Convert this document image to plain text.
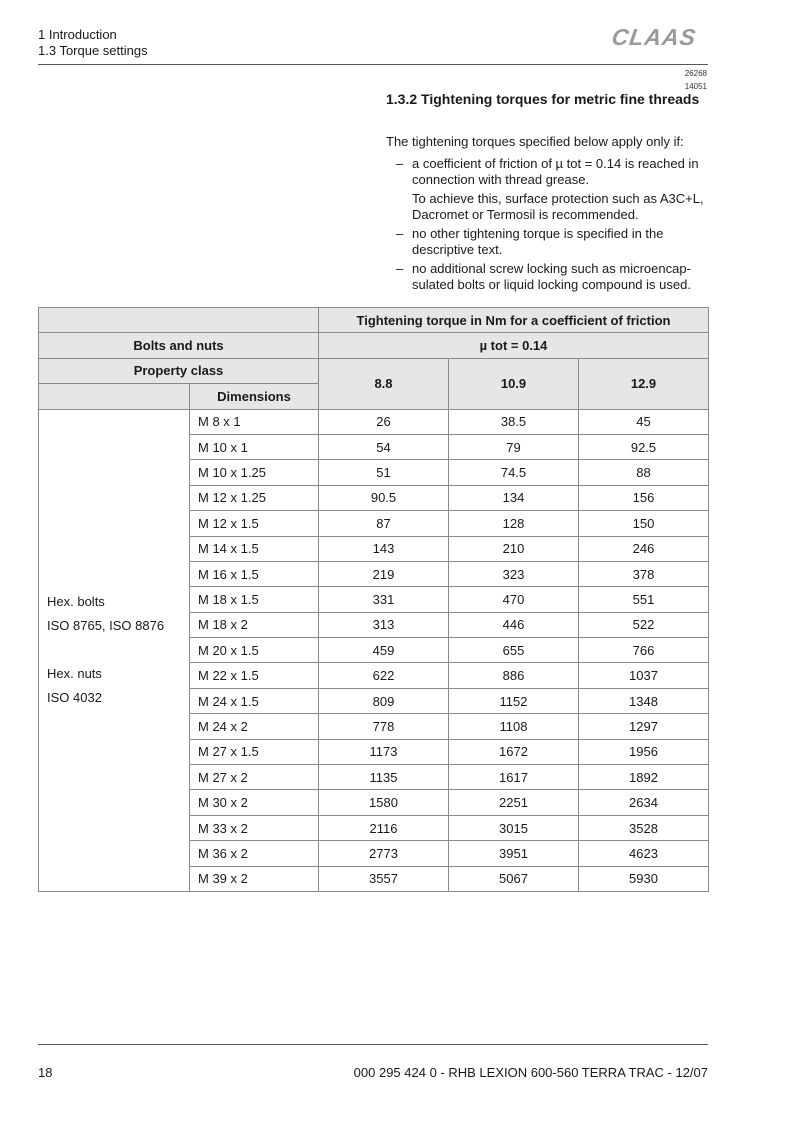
1 Introduction
1.3 Torque settings
CLAAS
26268
14051
1.3.2 Tightening torques for metric fine threads

The tightening torques specified below apply only if:

– a coefficient of friction of µ tot = 0.14 is reached in connection with thread grease.
To achieve this, surface protection such as A3C+L, Dacromet or Termosil is recommended.
– no other tightening torque is specified in the descriptive text.
– no additional screw locking such as microencap-sulated bolts or liquid locking compound is used.
		Tightening torque in Nm for a coefficient of friction		
Bolts and nuts		µ tot = 0.14		
Property class		8.8	10.9	12.9
	Dimensions			

Hex. bolts
ISO 8765, ISO 8876
Hex. nuts
ISO 4032	M 8 x 1	26	38.5	45
	M 10 x 1	54	79	92.5
	M 10 x 1.25	51	74.5	88
	M 12 x 1.25	90.5	134	156
	M 12 x 1.5	87	128	150
	M 14 x 1.5	143	210	246
	M 16 x 1.5	219	323	378
	M 18 x 1.5	331	470	551
	M 18 x 2	313	446	522
	M 20 x 1.5	459	655	766
	M 22 x 1.5	622	886	1037
	M 24 x 1.5	809	1152	1348
	M 24 x 2	778	1108	1297
	M 27 x 1.5	1173	1672	1956
	M 27 x 2	1135	1617	1892
	M 30 x 2	1580	2251	2634
	M 33 x 2	2116	3015	3528
	M 36 x 2	2773	3951	4623
	M 39 x 2	3557	5067	5930
18	000 295 424 0 - RHB LEXION 600-560 TERRA TRAC - 12/07
